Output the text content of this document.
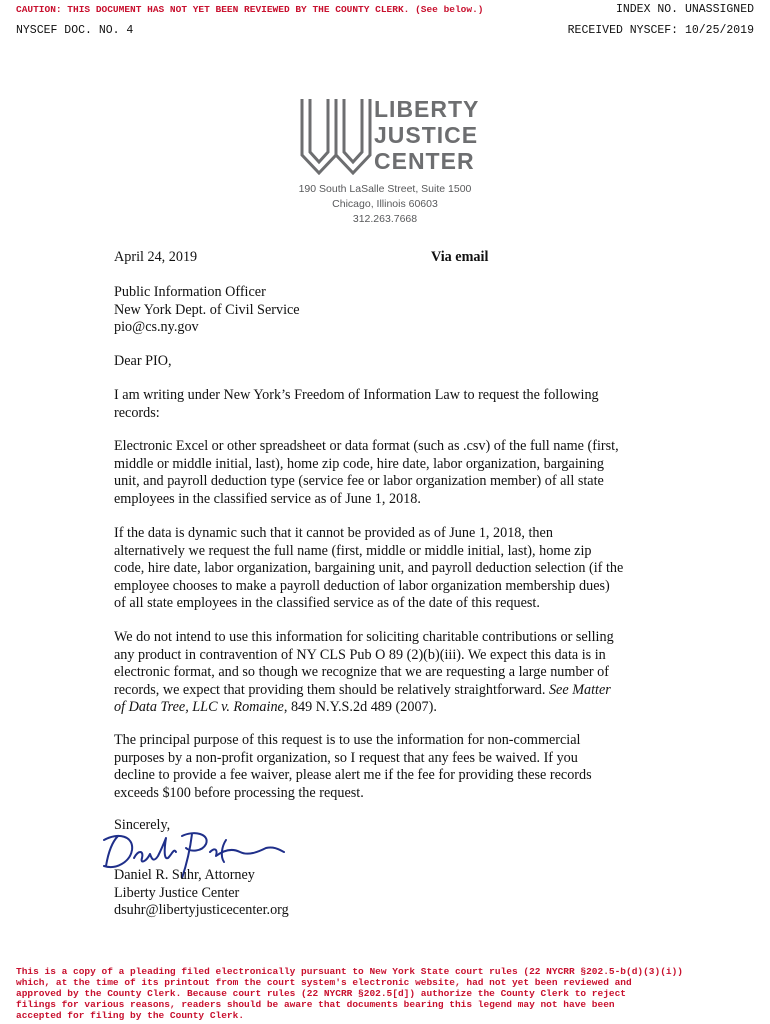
CAUTION: THIS DOCUMENT HAS NOT YET BEEN REVIEWED BY THE COUNTY CLERK. (See below.)	INDEX NO. UNASSIGNED
NYSCEF DOC. NO. 4	RECEIVED NYSCEF: 10/25/2019
LIBERTY
JUSTICE
CENTER
190 South LaSalle Street, Suite 1500
Chicago, Illinois 60603
312.263.7668
April 24, 2019	Via email
Public Information Officer
New York Dept. of Civil Service
pio@cs.ny.gov
Dear PIO,
I am writing under New York’s Freedom of Information Law to request the following
records:
Electronic Excel or other spreadsheet or data format (such as .csv) of the full name (first,
middle or middle initial, last), home zip code, hire date, labor organization, bargaining
unit, and payroll deduction type (service fee or labor organization member) of all state
employees in the classified service as of June 1, 2018.
If the data is dynamic such that it cannot be provided as of June 1, 2018, then
alternatively we request the full name (first, middle or middle initial, last), home zip
code, hire date, labor organization, bargaining unit, and payroll deduction selection (if the
employee chooses to make a payroll deduction of labor organization membership dues)
of all state employees in the classified service as of the date of this request.
We do not intend to use this information for soliciting charitable contributions or selling
any product in contravention of NY CLS Pub O 89 (2)(b)(iii). We expect this data is in
electronic format, and so though we recognize that we are requesting a large number of
records, we expect that providing them should be relatively straightforward. See Matter
of Data Tree, LLC v. Romaine, 849 N.Y.S.2d 489 (2007).
The principal purpose of this request is to use the information for non-commercial
purposes by a non-profit organization, so I request that any fees be waived. If you
decline to provide a fee waiver, please alert me if the fee for providing these records
exceeds $100 before processing the request.
Sincerely,
Daniel R. Suhr, Attorney
Liberty Justice Center
dsuhr@libertyjusticecenter.org
This is a copy of a pleading filed electronically pursuant to New York State court rules (22 NYCRR §202.5-b(d)(3)(i))
which, at the time of its printout from the court system's electronic website, had not yet been reviewed and
approved by the County Clerk. Because court rules (22 NYCRR §202.5[d]) authorize the County Clerk to reject
filings for various reasons, readers should be aware that documents bearing this legend may not have been
accepted for filing by the County Clerk.
